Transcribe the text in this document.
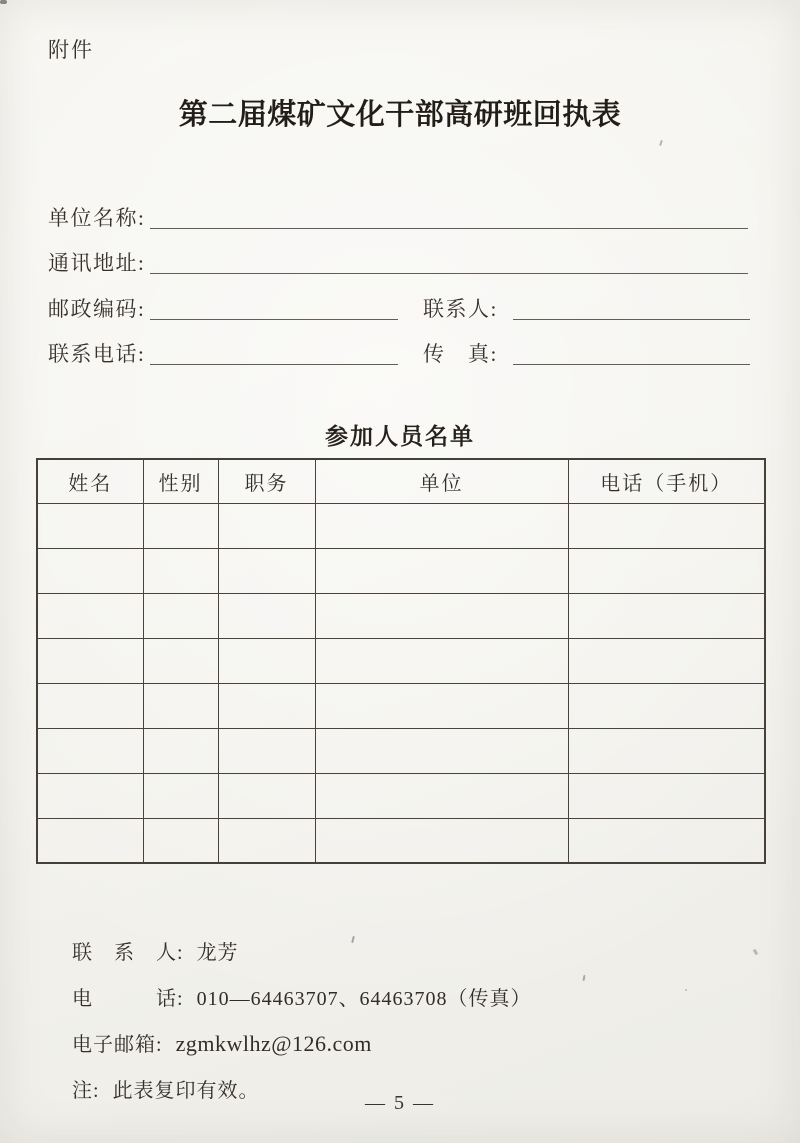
附件
第二届煤矿文化干部高研班回执表
单位名称:
通讯地址:
邮政编码:	联系人:
联系电话:	传　真:
参加人员名单
姓名	性别	职务	单位	电话（手机）

联　系　人: 龙芳

电　　　话: 010—64463707、64463708（传真）

电子邮箱: zgmkwlhz@126.com

注: 此表复印有效。

— 5 —
